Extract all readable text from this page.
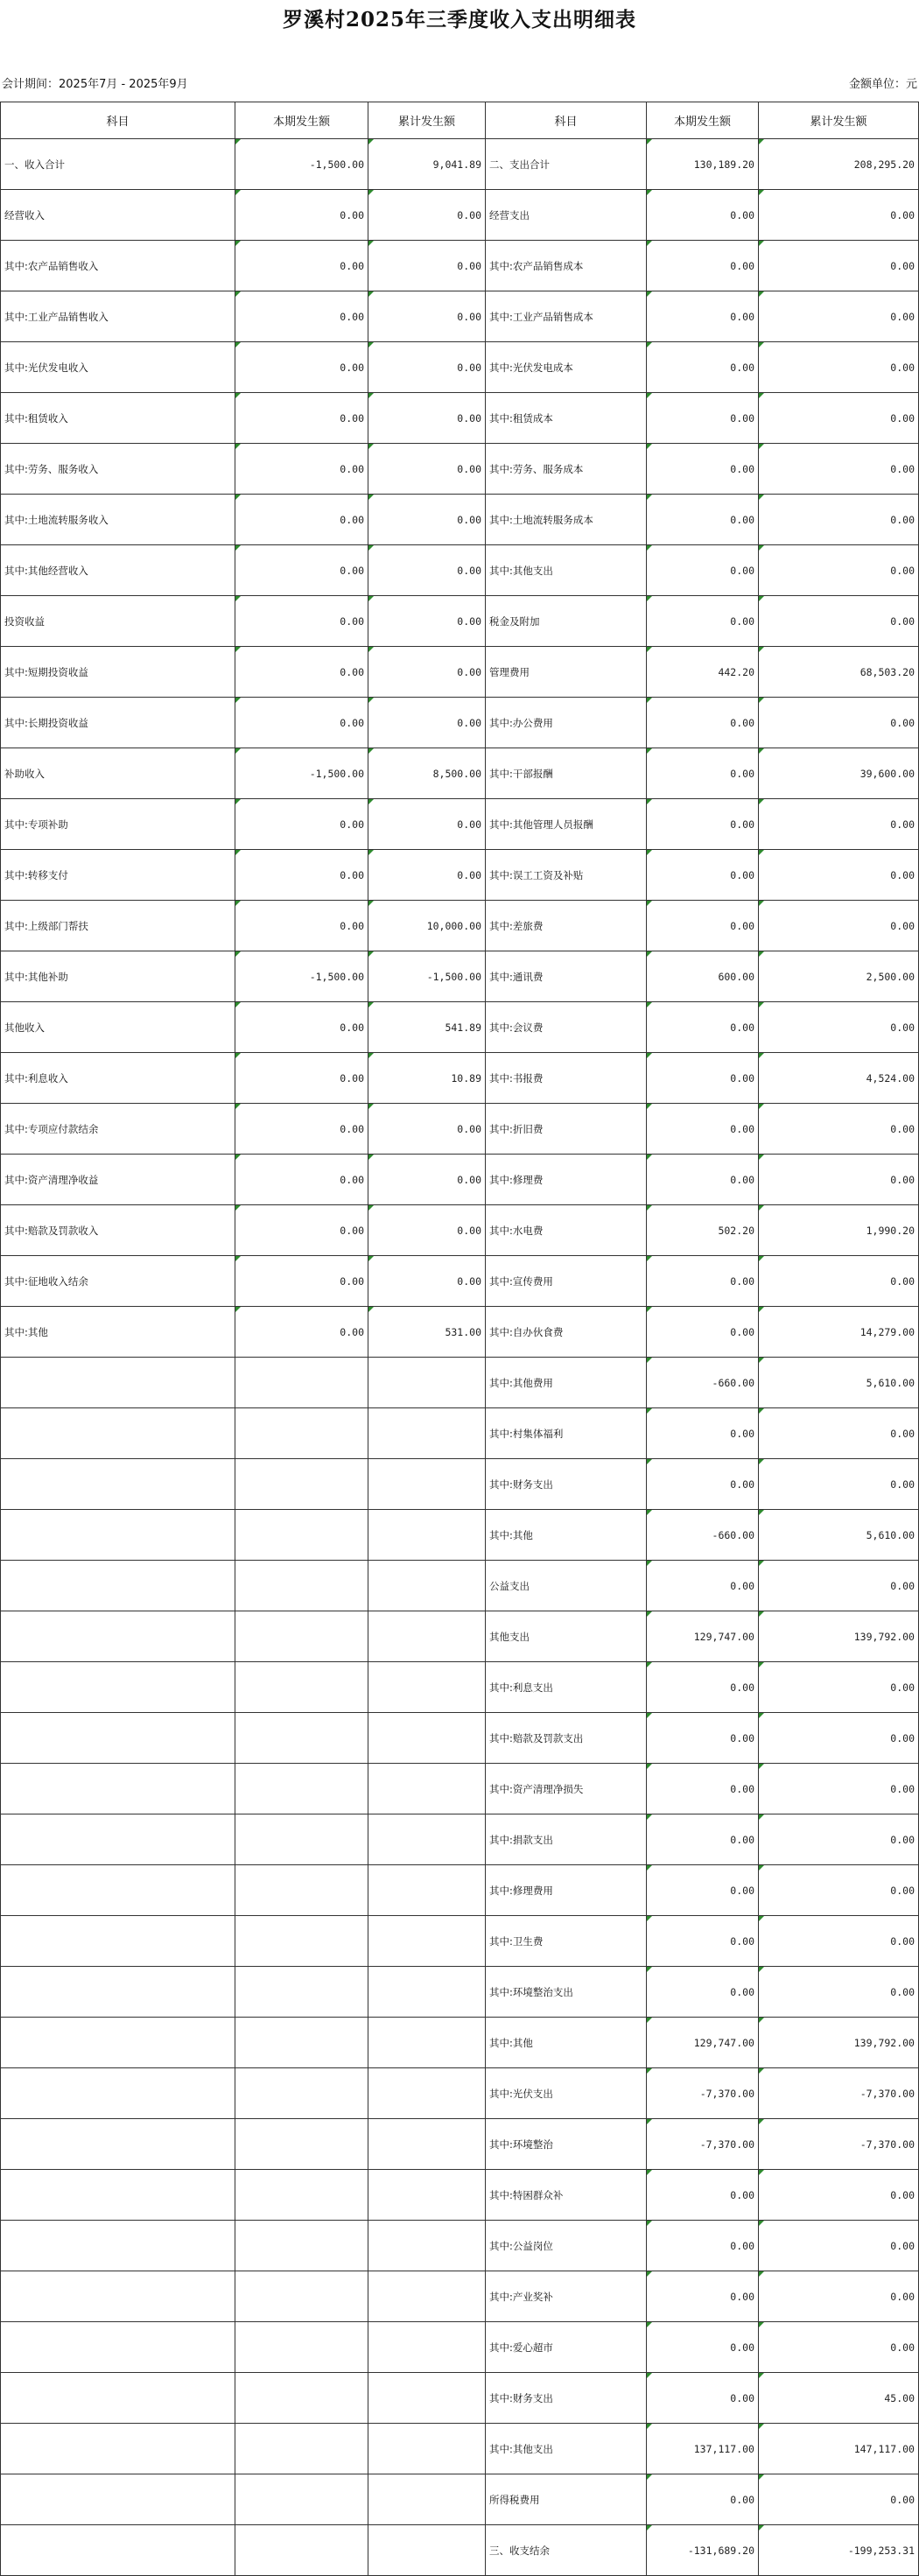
罗溪村2025年三季度收入支出明细表
会计期间：2025年7月 - 2025年9月	金额单位：元
科目	本期发生额	累计发生额	科目	本期发生额	累计发生额
一、收入合计	-1,500.00	9,041.89	二、支出合计	130,189.20	208,295.20
经营收入	0.00	0.00	经营支出	0.00	0.00
其中:农产品销售收入	0.00	0.00	其中:农产品销售成本	0.00	0.00
其中:工业产品销售收入	0.00	0.00	其中:工业产品销售成本	0.00	0.00
其中:光伏发电收入	0.00	0.00	其中:光伏发电成本	0.00	0.00
其中:租赁收入	0.00	0.00	其中:租赁成本	0.00	0.00
其中:劳务、服务收入	0.00	0.00	其中:劳务、服务成本	0.00	0.00
其中:土地流转服务收入	0.00	0.00	其中:土地流转服务成本	0.00	0.00
其中:其他经营收入	0.00	0.00	其中:其他支出	0.00	0.00
投资收益	0.00	0.00	税金及附加	0.00	0.00
其中:短期投资收益	0.00	0.00	管理费用	442.20	68,503.20
其中:长期投资收益	0.00	0.00	其中:办公费用	0.00	0.00
补助收入	-1,500.00	8,500.00	其中:干部报酬	0.00	39,600.00
其中:专项补助	0.00	0.00	其中:其他管理人员报酬	0.00	0.00
其中:转移支付	0.00	0.00	其中:误工工资及补贴	0.00	0.00
其中:上级部门帮扶	0.00	10,000.00	其中:差旅费	0.00	0.00
其中:其他补助	-1,500.00	-1,500.00	其中:通讯费	600.00	2,500.00
其他收入	0.00	541.89	其中:会议费	0.00	0.00
其中:利息收入	0.00	10.89	其中:书报费	0.00	4,524.00
其中:专项应付款结余	0.00	0.00	其中:折旧费	0.00	0.00
其中:资产清理净收益	0.00	0.00	其中:修理费	0.00	0.00
其中:赔款及罚款收入	0.00	0.00	其中:水电费	502.20	1,990.20
其中:征地收入结余	0.00	0.00	其中:宣传费用	0.00	0.00
其中:其他	0.00	531.00	其中:自办伙食费	0.00	14,279.00
			其中:其他费用	-660.00	5,610.00
			其中:村集体福利	0.00	0.00
			其中:财务支出	0.00	0.00
			其中:其他	-660.00	5,610.00
			公益支出	0.00	0.00
			其他支出	129,747.00	139,792.00
			其中:利息支出	0.00	0.00
			其中:赔款及罚款支出	0.00	0.00
			其中:资产清理净损失	0.00	0.00
			其中:捐款支出	0.00	0.00
			其中:修理费用	0.00	0.00
			其中:卫生费	0.00	0.00
			其中:环境整治支出	0.00	0.00
			其中:其他	129,747.00	139,792.00
			其中:光伏支出	-7,370.00	-7,370.00
			其中:环境整治	-7,370.00	-7,370.00
			其中:特困群众补	0.00	0.00
			其中:公益岗位	0.00	0.00
			其中:产业奖补	0.00	0.00
			其中:爱心超市	0.00	0.00
			其中:财务支出	0.00	45.00
			其中:其他支出	137,117.00	147,117.00
			所得税费用	0.00	0.00
			三、收支结余	-131,689.20	-199,253.31
